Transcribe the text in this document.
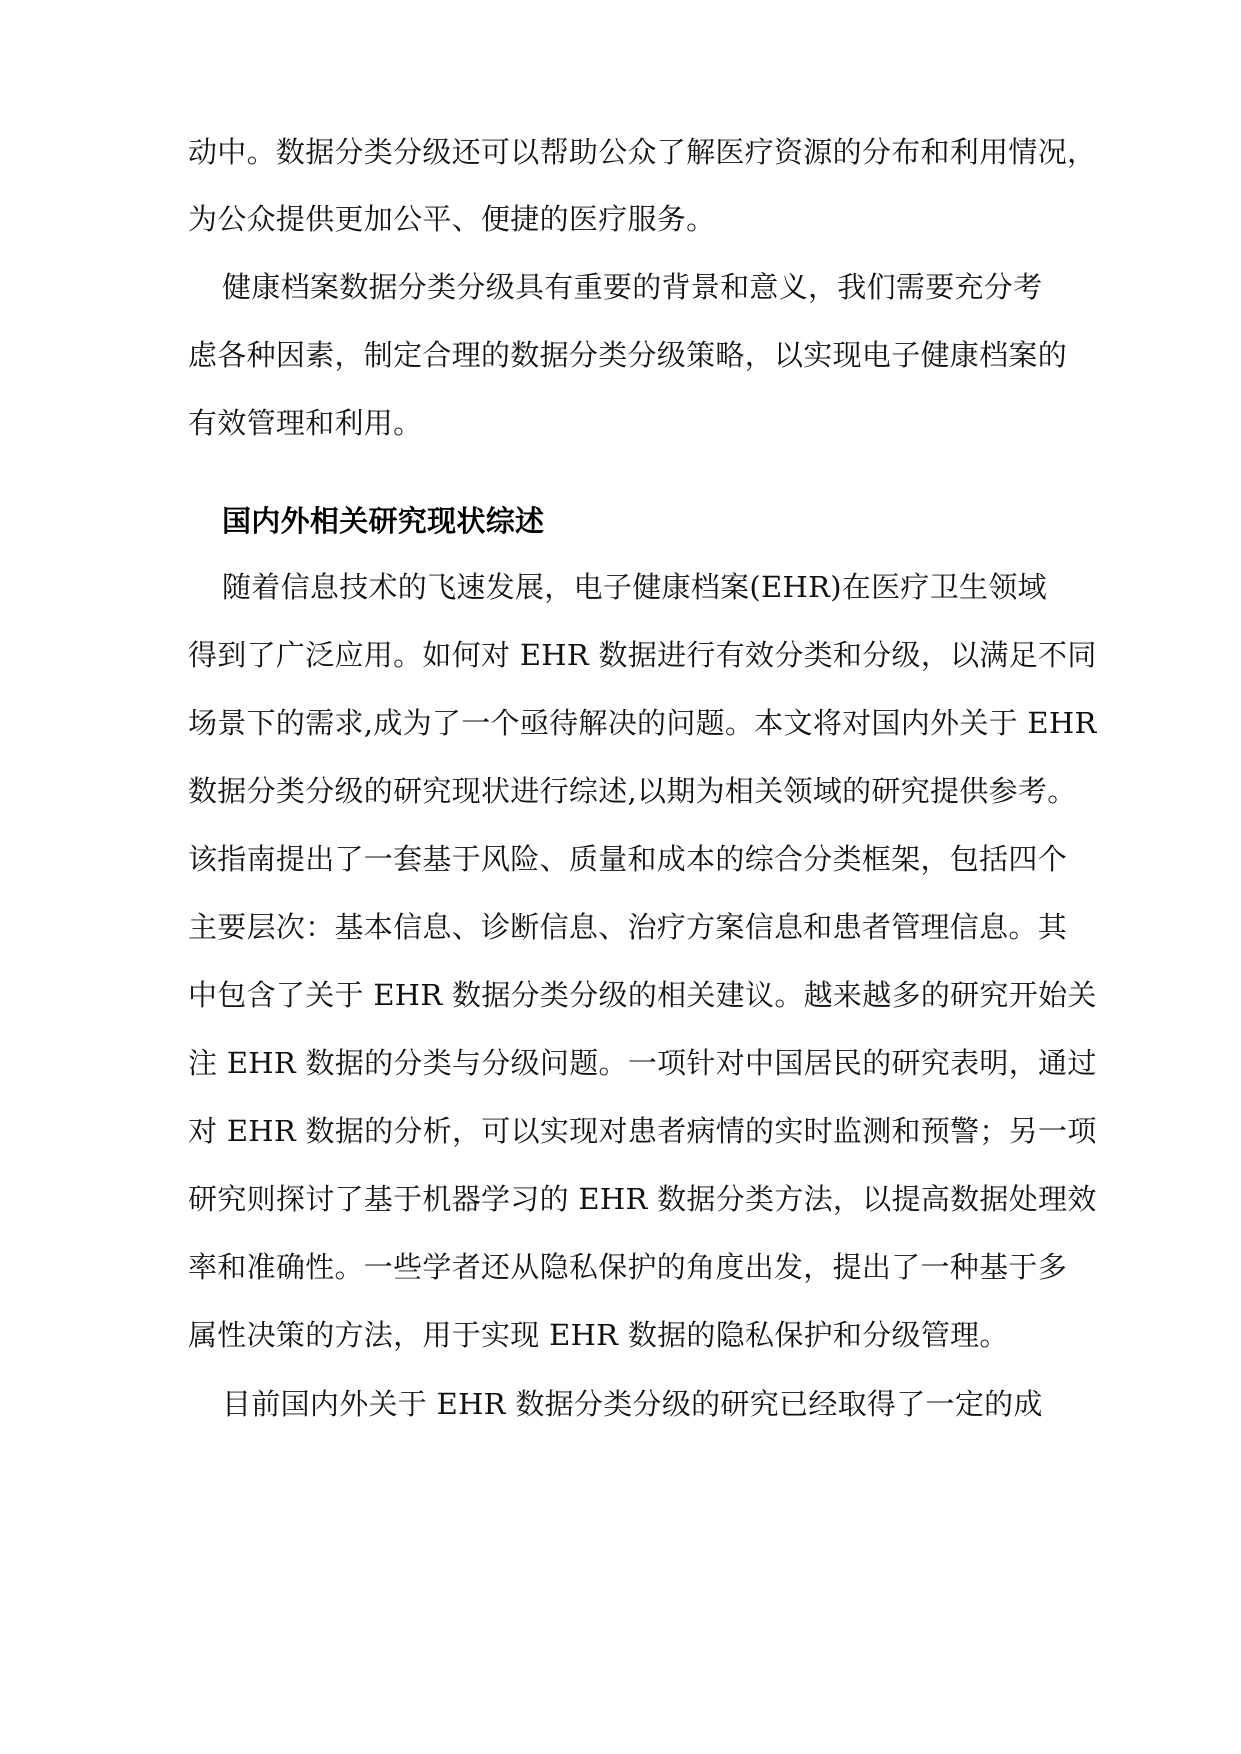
动中。数据分类分级还可以帮助公众了解医疗资源的分布和利用情况，
为公众提供更加公平、便捷的医疗服务。
健康档案数据分类分级具有重要的背景和意义，我们需要充分考
虑各种因素，制定合理的数据分类分级策略，以实现电子健康档案的
有效管理和利用。
国内外相关研究现状综述
随着信息技术的飞速发展，电子健康档案(EHR)在医疗卫生领域
得到了广泛应用。如何对 EHR 数据进行有效分类和分级，以满足不同
场景下的需求,成为了一个亟待解决的问题。本文将对国内外关于 EHR
数据分类分级的研究现状进行综述,以期为相关领域的研究提供参考。
该指南提出了一套基于风险、质量和成本的综合分类框架，包括四个
主要层次：基本信息、诊断信息、治疗方案信息和患者管理信息。其
中包含了关于 EHR 数据分类分级的相关建议。越来越多的研究开始关
注 EHR 数据的分类与分级问题。一项针对中国居民的研究表明，通过
对 EHR 数据的分析，可以实现对患者病情的实时监测和预警；另一项
研究则探讨了基于机器学习的 EHR 数据分类方法，以提高数据处理效
率和准确性。一些学者还从隐私保护的角度出发，提出了一种基于多
属性决策的方法，用于实现 EHR 数据的隐私保护和分级管理。
目前国内外关于 EHR 数据分类分级的研究已经取得了一定的成
